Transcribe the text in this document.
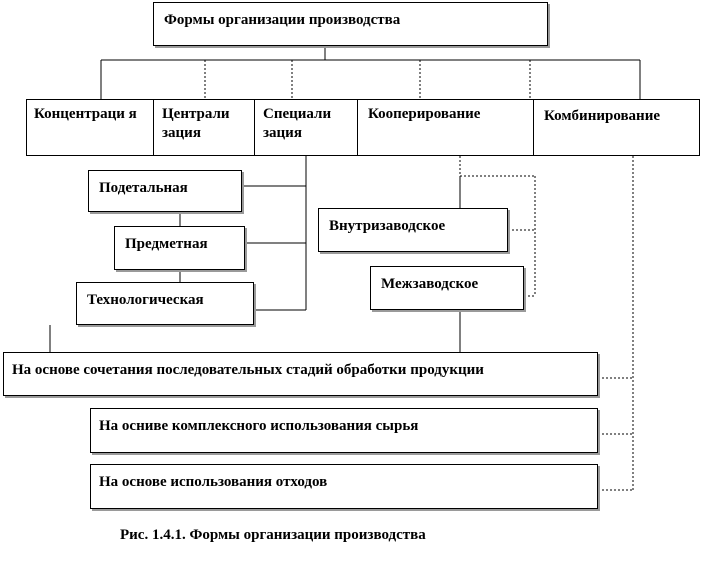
Формы организации производства
Концентраци я	Централи зация
Специали зация
Кооперирование	Комбинирование
Подетальная
Предметная
Технологическая
Внутризаводское
Межзаводское
На основе сочетания последовательных стадий обработки продукции
На осниве комплексного использования сырья
На основе использования отходов
Рис. 1.4.1. Формы организации производства
